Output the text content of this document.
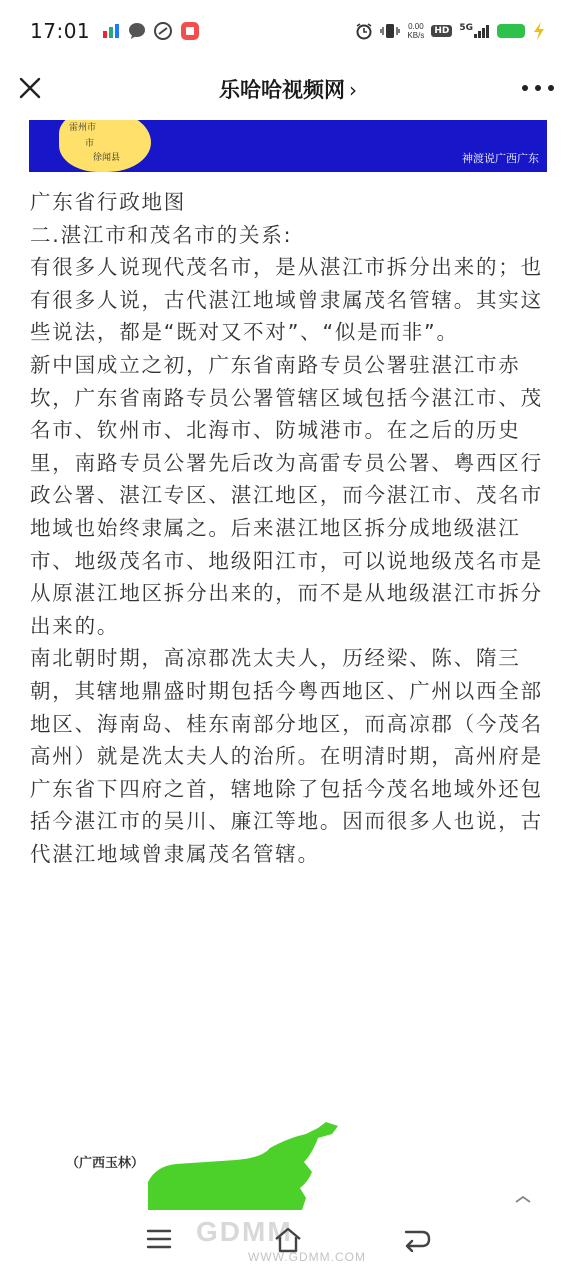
17:01	0.00
KB/s	HD	5G
乐哈哈视频网 ›
雷州市
市
徐闻县	神渡说广西广东

广东省行政地图

二.湛江市和茂名市的关系:

有很多人说现代茂名市，是从湛江市拆分出来的；也有很多人说，古代湛江地域曾隶属茂名管辖。其实这些说法，都是“既对又不对”、“似是而非”。

新中国成立之初，广东省南路专员公署驻湛江市赤坎，广东省南路专员公署管辖区域包括今湛江市、茂名市、钦州市、北海市、防城港市。在之后的历史里，南路专员公署先后改为高雷专员公署、粤西区行政公署、湛江专区、湛江地区，而今湛江市、茂名市地域也始终隶属之。后来湛江地区拆分成地级湛江市、地级茂名市、地级阳江市，可以说地级茂名市是从原湛江地区拆分出来的，而不是从地级湛江市拆分出来的。

南北朝时期，高凉郡冼太夫人，历经梁、陈、隋三朝，其辖地鼎盛时期包括今粤西地区、广州以西全部地区、海南岛、桂东南部分地区，而高凉郡（今茂名高州）就是冼太夫人的治所。在明清时期，高州府是广东省下四府之首，辖地除了包括今茂名地域外还包括今湛江市的吴川、廉江等地。因而很多人也说，古代湛江地域曾隶属茂名管辖。

（广西玉林）
GDMM
WWW.GDMM.COM
